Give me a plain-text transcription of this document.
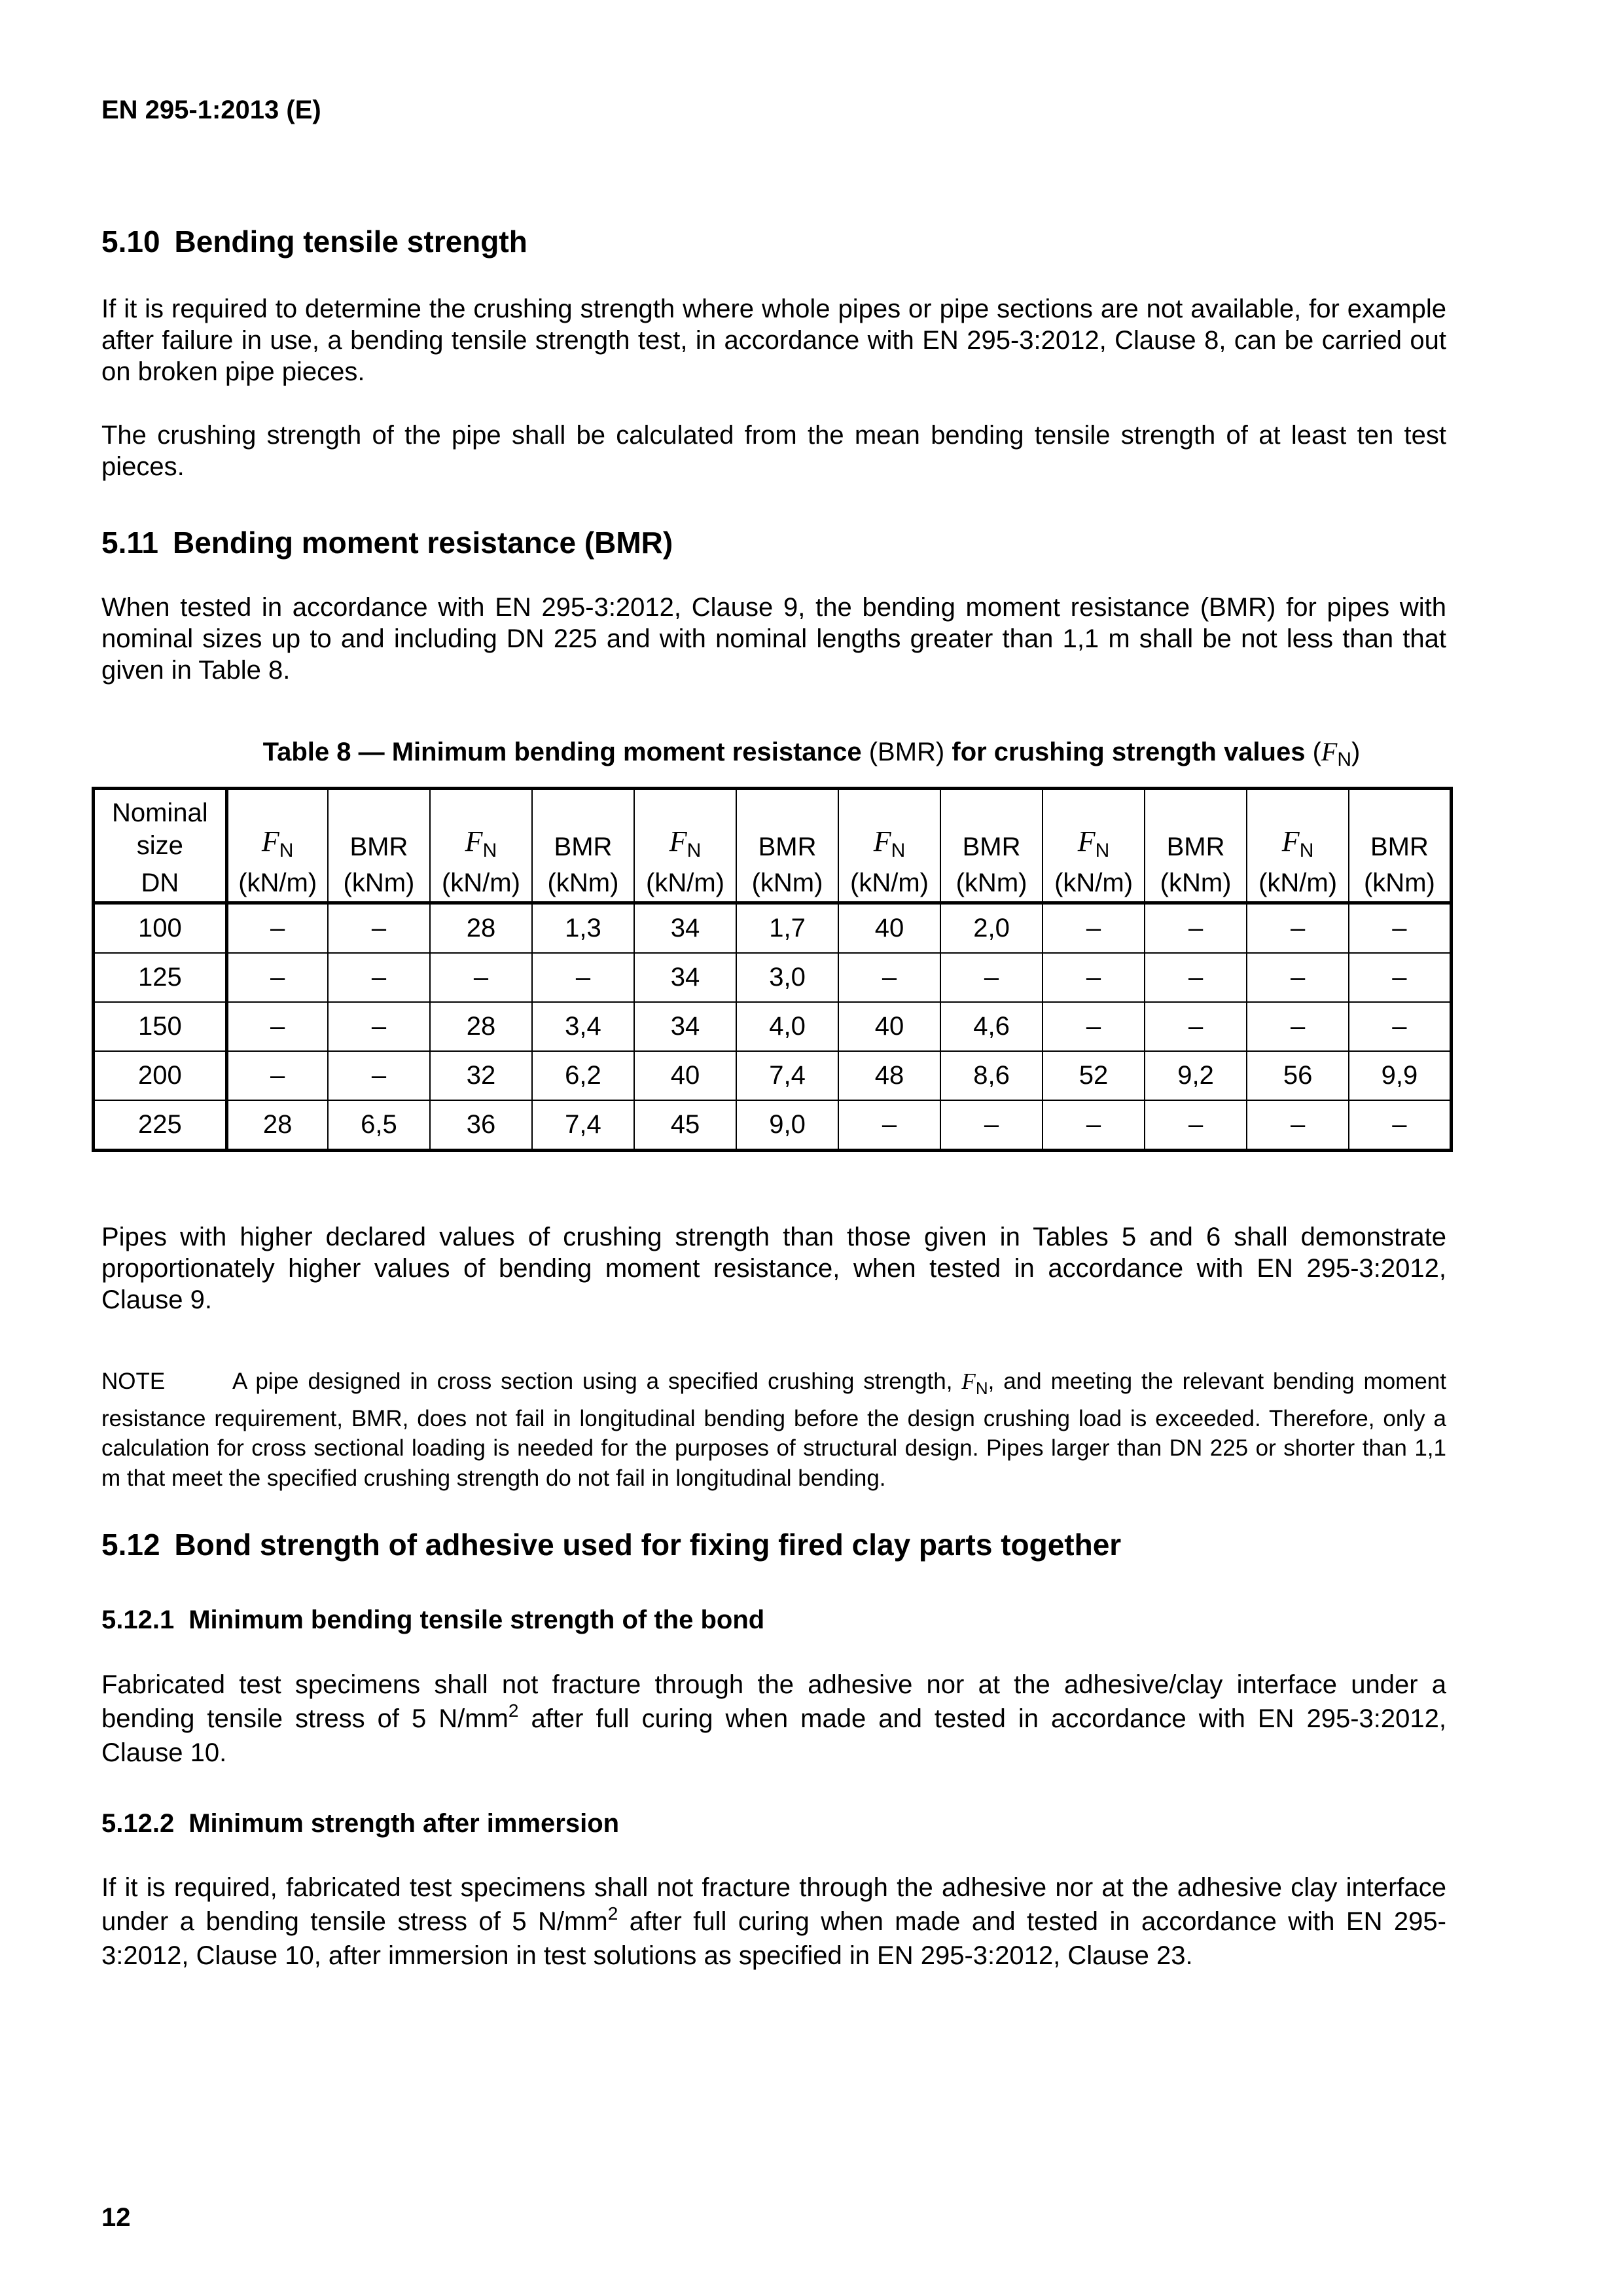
EN 295-1:2013 (E)
5.10 Bending tensile strength
If it is required to determine the crushing strength where whole pipes or pipe sections are not available, for example after failure in use, a bending tensile strength test, in accordance with EN 295-3:2012, Clause 8, can be carried out on broken pipe pieces.
The crushing strength of the pipe shall be calculated from the mean bending tensile strength of at least ten test pieces.
5.11 Bending moment resistance (BMR)
When tested in accordance with EN 295-3:2012, Clause 9, the bending moment resistance (BMR) for pipes with nominal sizes up to and including DN 225 and with nominal lengths greater than 1,1 m shall be not less than that given in Table 8.
Table 8 — Minimum bending moment resistance (BMR) for crushing strength values $(F_N)$
Nominal
size	$F_N$	BMR	$F_N$	BMR	$F_N$	BMR	$F_N$	BMR	$F_N$	BMR	$F_N$	BMR
DN	(kN/m)	(kNm)	(kN/m)	(kNm)	(kN/m)	(kNm)	(kN/m)	(kNm)	(kN/m)	(kNm)	(kN/m)	(kNm)
100	–	–	28	1,3	34	1,7	40	2,0	–	–	–	–
125	–	–	–	–	34	3,0	–	–	–	–	–	–
150	–	–	28	3,4	34	4,0	40	4,6	–	–	–	–
200	–	–	32	6,2	40	7,4	48	8,6	52	9,2	56	9,9
225	28	6,5	36	7,4	45	9,0	–	–	–	–	–	–
Pipes with higher declared values of crushing strength than those given in Tables 5 and 6 shall demonstrate proportionately higher values of bending moment resistance, when tested in accordance with EN 295-3:2012, Clause 9.
NOTE	A pipe designed in cross section using a specified crushing strength, $F_N$, and meeting the relevant bending moment resistance requirement, BMR, does not fail in longitudinal bending before the design crushing load is exceeded. Therefore, only a calculation for cross sectional loading is needed for the purposes of structural design. Pipes larger than DN 225 or shorter than 1,1 m that meet the specified crushing strength do not fail in longitudinal bending.
5.12 Bond strength of adhesive used for fixing fired clay parts together
5.12.1 Minimum bending tensile strength of the bond
Fabricated test specimens shall not fracture through the adhesive nor at the adhesive/clay interface under a bending tensile stress of 5 $N/mm^2$ after full curing when made and tested in accordance with EN 295-3:2012, Clause 10.
5.12.2 Minimum strength after immersion
If it is required, fabricated test specimens shall not fracture through the adhesive nor at the adhesive clay interface under a bending tensile stress of 5 $N/mm^2$ after full curing when made and tested in accordance with EN 295-3:2012, Clause 10, after immersion in test solutions as specified in EN 295-3:2012, Clause 23.
12
